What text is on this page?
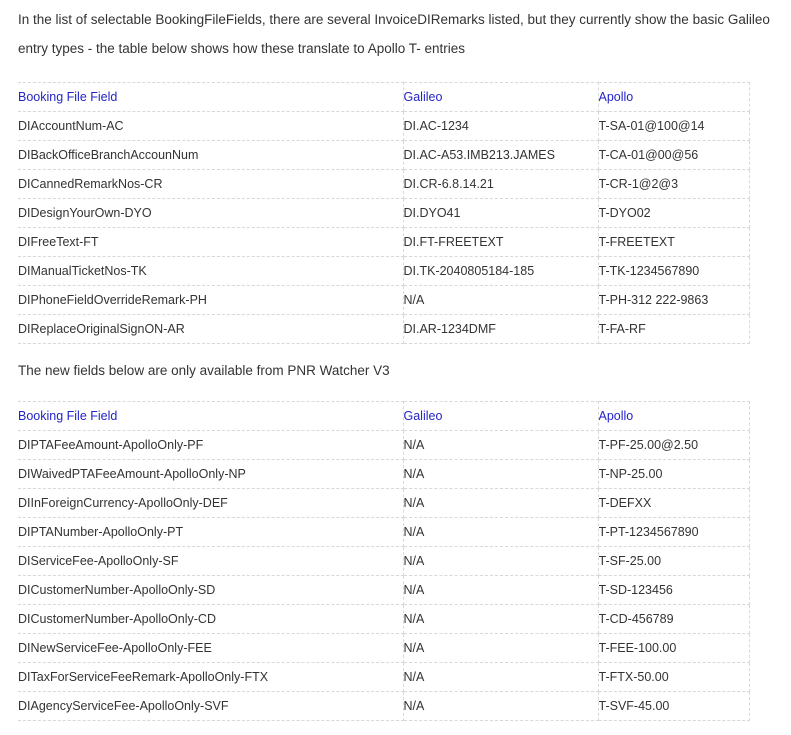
In the list of selectable BookingFileFields, there are several InvoiceDIRemarks listed, but they currently show the basic Galileo entry types - the table below shows how these translate to Apollo T- entries

Booking File Field	Galileo	Apollo
DIAccountNum-AC	DI.AC-1234	T-SA-01@100@14
DIBackOfficeBranchAccounNum	DI.AC-A53.IMB213.JAMES	T-CA-01@00@56
DICannedRemarkNos-CR	DI.CR-6.8.14.21	T-CR-1@2@3
DIDesignYourOwn-DYO	DI.DYO41	T-DYO02
DIFreeText-FT	DI.FT-FREETEXT	T-FREETEXT
DIManualTicketNos-TK	DI.TK-2040805184-185	T-TK-1234567890
DIPhoneFieldOverrideRemark-PH	N/A	T-PH-312 222-9863
DIReplaceOriginalSignON-AR	DI.AR-1234DMF	T-FA-RF

The new fields below are only available from PNR Watcher V3

Booking File Field	Galileo	Apollo
DIPTAFeeAmount-ApolloOnly-PF	N/A	T-PF-25.00@2.50
DIWaivedPTAFeeAmount-ApolloOnly-NP	N/A	T-NP-25.00
DIInForeignCurrency-ApolloOnly-DEF	N/A	T-DEFXX
DIPTANumber-ApolloOnly-PT	N/A	T-PT-1234567890
DIServiceFee-ApolloOnly-SF	N/A	T-SF-25.00
DICustomerNumber-ApolloOnly-SD	N/A	T-SD-123456
DICustomerNumber-ApolloOnly-CD	N/A	T-CD-456789
DINewServiceFee-ApolloOnly-FEE	N/A	T-FEE-100.00
DITaxForServiceFeeRemark-ApolloOnly-FTX	N/A	T-FTX-50.00
DIAgencyServiceFee-ApolloOnly-SVF	N/A	T-SVF-45.00
